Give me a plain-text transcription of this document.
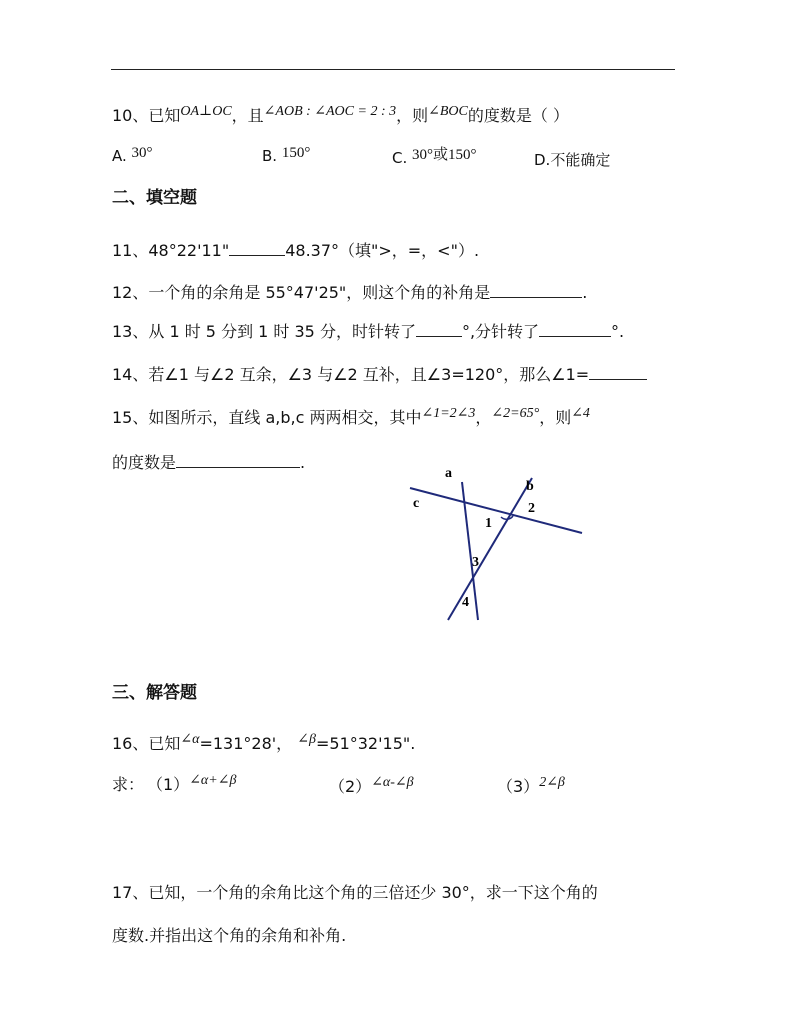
10、已知OA⊥OC，且∠AOB : ∠AOC = 2 : 3，则∠BOC的度数是（ ）
A. 30°	B. 150°	C. 30°或150°	D.不能确定
二、填空题
11、48°22'11"	48.37°（填">，=，<"）.
12、一个角的余角是 55°47'25"，则这个角的补角是	.
13、从 1 时 5 分到 1 时 35 分，时针转了	°,分针转了	°.
14、若∠1 与∠2 互余，∠3 与∠2 互补，且∠3=120°，那么∠1=
15、如图所示，直线 a,b,c 两两相交，其中∠1=2∠3，∠2=65°，则∠4
的度数是	.
a
b
c
1
2
3
4
三、解答题
16、已知∠α=131°28'， ∠β=51°32'15".
求： （1）∠α+∠β	（2）∠α-∠β	（3）2∠β
17、已知，一个角的余角比这个角的三倍还少 30°，求一下这个角的
度数.并指出这个角的余角和补角.
